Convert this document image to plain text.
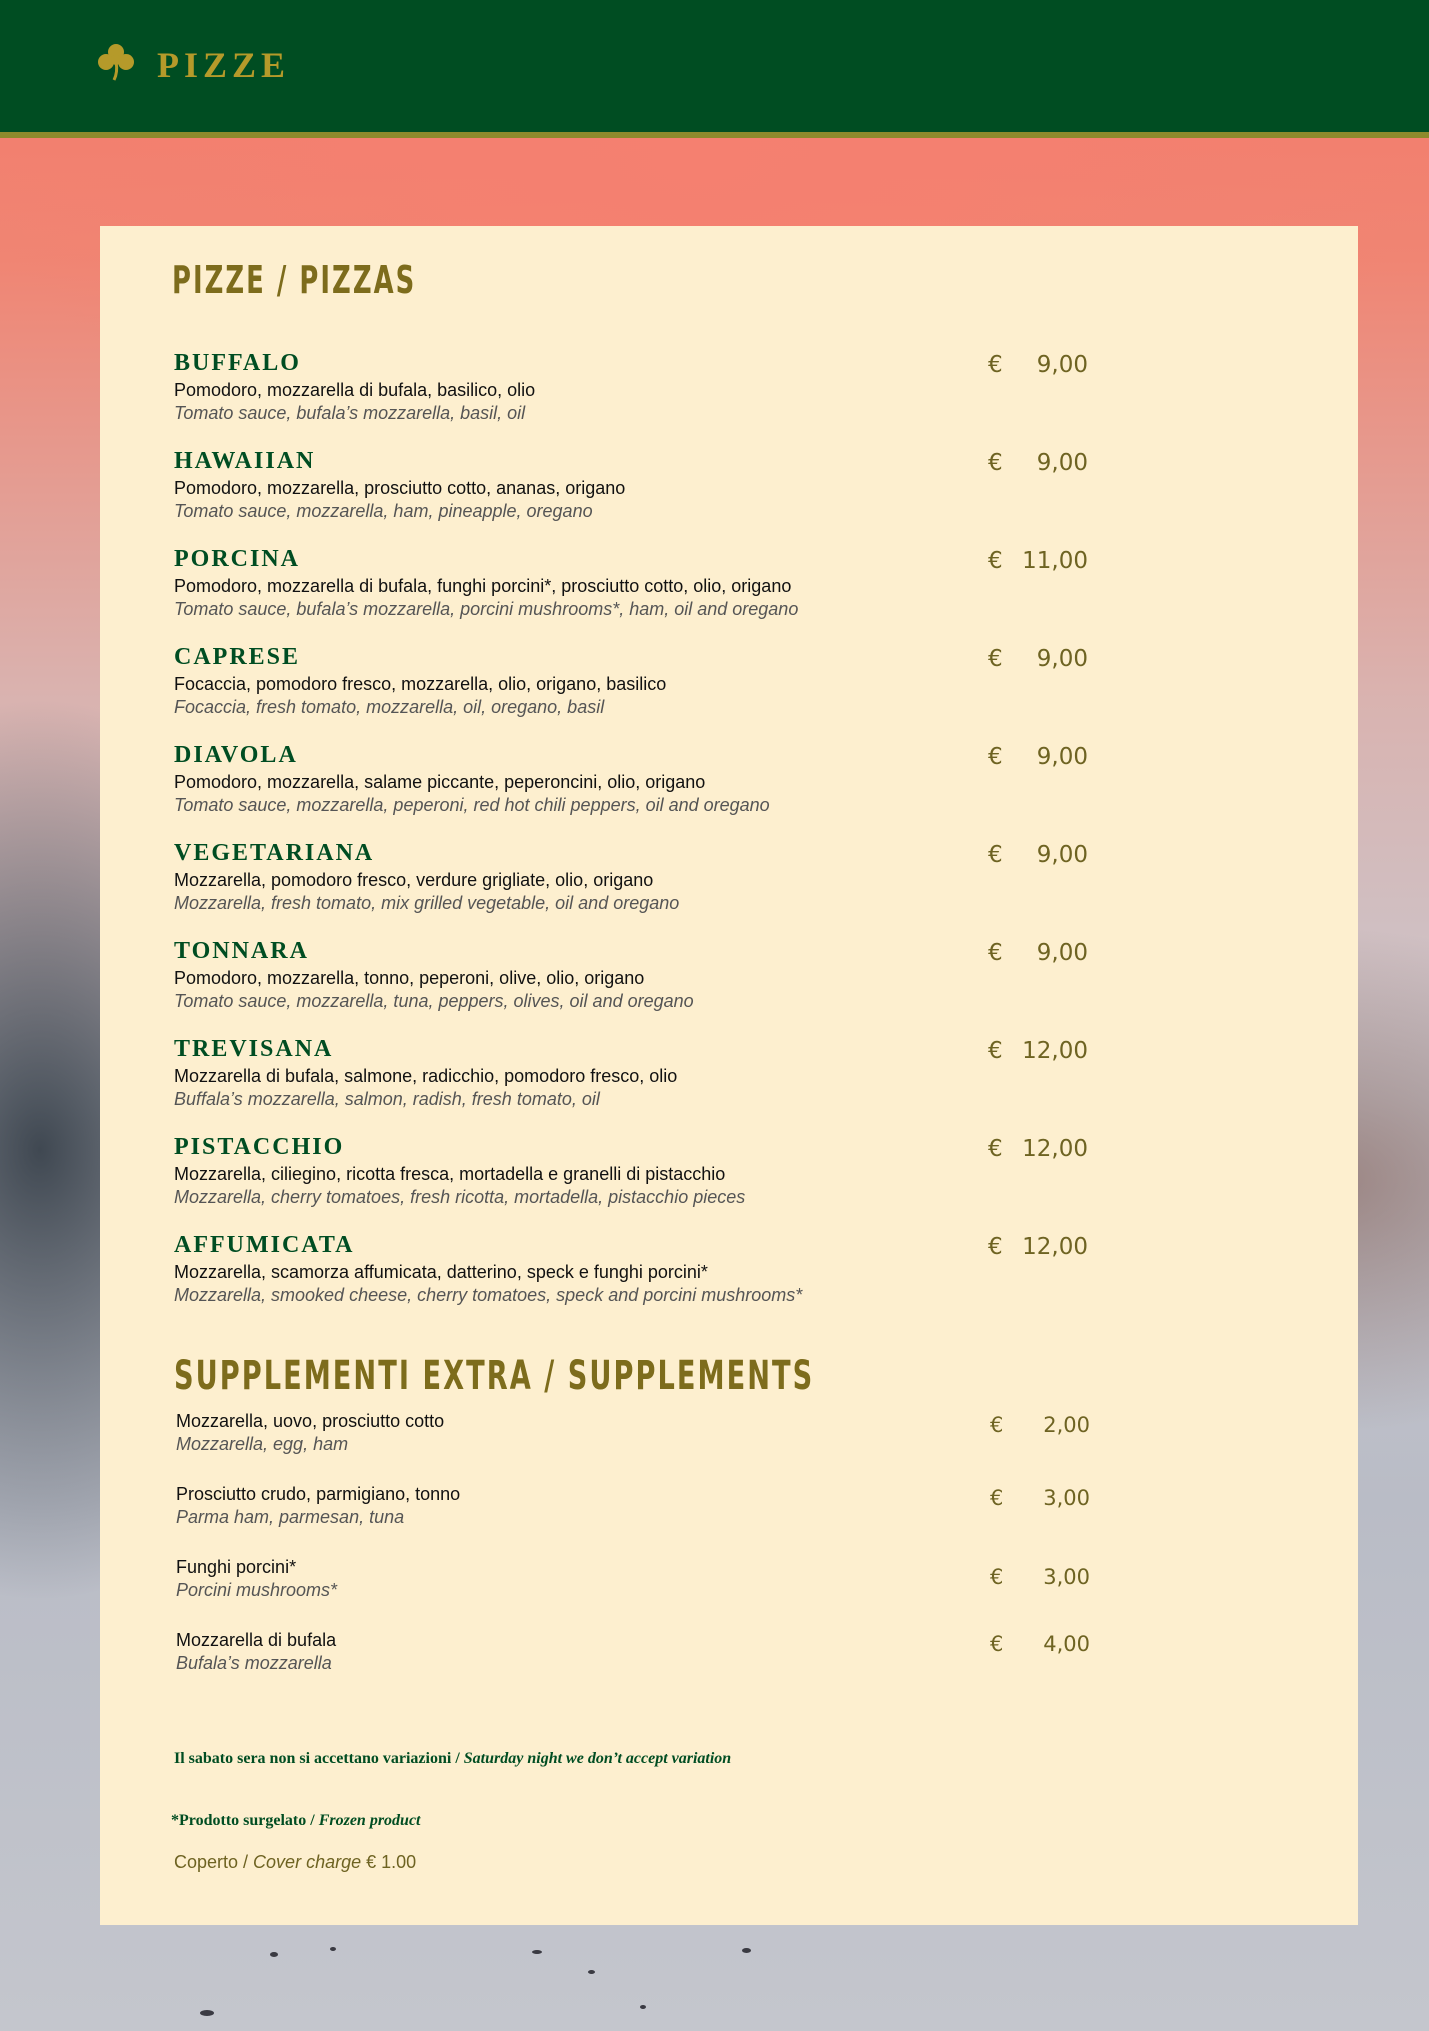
PIZZE
PIZZE / PIZZAS
BUFFALO
Pomodoro, mozzarella di bufala, basilico, olio
Tomato sauce, bufala’s mozzarella, basil, oil
€ 9,00
HAWAIIAN
Pomodoro, mozzarella, prosciutto cotto, ananas, origano
Tomato sauce, mozzarella, ham, pineapple, oregano
€ 9,00
PORCINA
Pomodoro, mozzarella di bufala, funghi porcini*, prosciutto cotto, olio, origano
Tomato sauce, bufala’s mozzarella, porcini mushrooms*, ham, oil and oregano
€ 11,00
CAPRESE
Focaccia, pomodoro fresco, mozzarella, olio, origano, basilico
Focaccia, fresh tomato, mozzarella, oil, oregano, basil
€ 9,00
DIAVOLA
Pomodoro, mozzarella, salame piccante, peperoncini, olio, origano
Tomato sauce, mozzarella, peperoni, red hot chili peppers, oil and oregano
€ 9,00
VEGETARIANA
Mozzarella, pomodoro fresco, verdure grigliate, olio, origano
Mozzarella, fresh tomato, mix grilled vegetable, oil and oregano
€ 9,00
TONNARA
Pomodoro, mozzarella, tonno, peperoni, olive, olio, origano
Tomato sauce, mozzarella, tuna, peppers, olives, oil and oregano
€ 9,00
TREVISANA
Mozzarella di bufala, salmone, radicchio, pomodoro fresco, olio
Buffala’s mozzarella, salmon, radish, fresh tomato, oil
€ 12,00
PISTACCHIO
Mozzarella, ciliegino, ricotta fresca, mortadella e granelli di pistacchio
Mozzarella, cherry tomatoes, fresh ricotta, mortadella, pistacchio pieces
€ 12,00
AFFUMICATA
Mozzarella, scamorza affumicata, datterino, speck e funghi porcini*
Mozzarella, smooked cheese, cherry tomatoes, speck and porcini mushrooms*
€ 12,00
SUPPLEMENTI EXTRA / SUPPLEMENTS
Mozzarella, uovo, prosciutto cotto
Mozzarella, egg, ham
€ 2,00
Prosciutto crudo, parmigiano, tonno
Parma ham, parmesan, tuna
€ 3,00
Funghi porcini*
Porcini mushrooms*
€ 3,00
Mozzarella di bufala
Bufala’s mozzarella
€ 4,00
Il sabato sera non si accettano variazioni / Saturday night we don’t accept variation
*Prodotto surgelato / Frozen product
Coperto / Cover charge € 1.00
